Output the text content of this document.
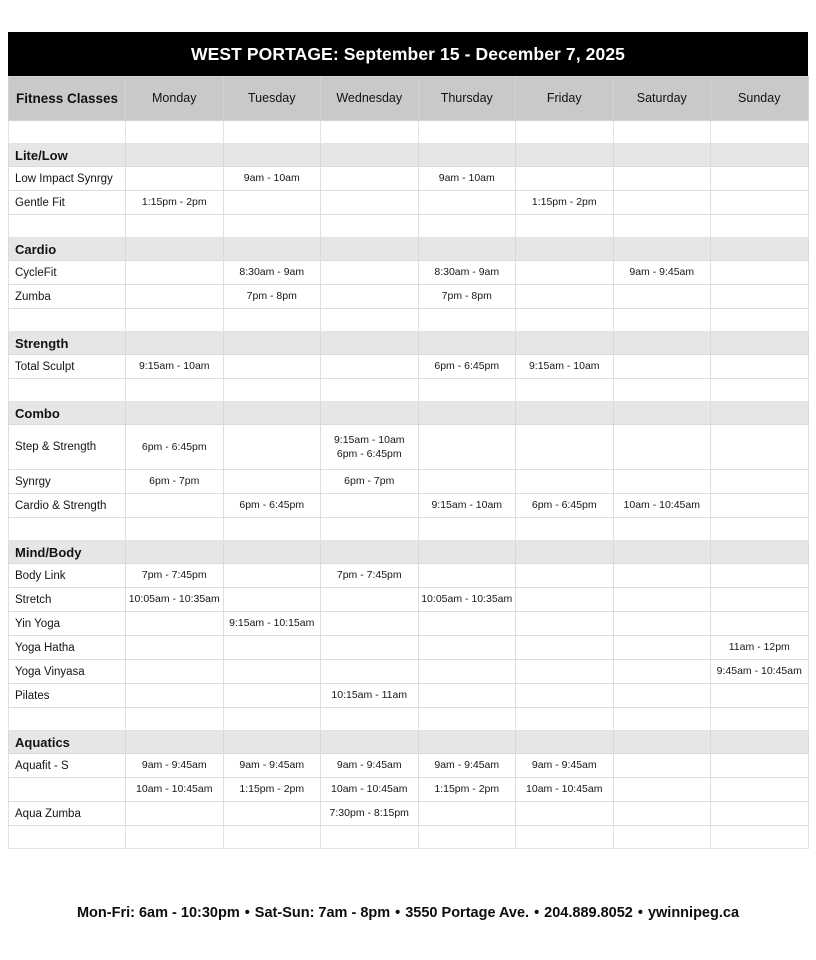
WEST PORTAGE: September 15 - December 7, 2025
Fitness Classes	Monday	Tuesday	Wednesday	Thursday	Friday	Saturday	Sunday

Lite/Low							
Low Impact Synrgy		9am - 10am		9am - 10am			
Gentle Fit	1:15pm - 2pm				1:15pm - 2pm		

Cardio							
CycleFit		8:30am - 9am		8:30am - 9am		9am - 9:45am	
Zumba		7pm - 8pm		7pm - 8pm			

Strength							
Total Sculpt	9:15am - 10am			6pm - 6:45pm	9:15am - 10am		

Combo							
Step & Strength	6pm - 6:45pm		9:15am - 10am
6pm - 6:45pm				
Synrgy	6pm - 7pm		6pm - 7pm				
Cardio & Strength		6pm - 6:45pm		9:15am - 10am	6pm - 6:45pm	10am - 10:45am	

Mind/Body							
Body Link	7pm - 7:45pm		7pm - 7:45pm				
Stretch	10:05am - 10:35am			10:05am - 10:35am			
Yin Yoga		9:15am - 10:15am					
Yoga Hatha							11am - 12pm
Yoga Vinyasa							9:45am - 10:45am
Pilates			10:15am - 11am				

Aquatics							
Aquafit - S	9am - 9:45am	9am - 9:45am	9am - 9:45am	9am - 9:45am	9am - 9:45am		
	10am - 10:45am	1:15pm - 2pm	10am - 10:45am	1:15pm - 2pm	10am - 10:45am		
Aqua Zumba			7:30pm - 8:15pm				

Mon-Fri: 6am - 10:30pm • Sat-Sun: 7am - 8pm • 3550 Portage Ave. • 204.889.8052 • ywinnipeg.ca
